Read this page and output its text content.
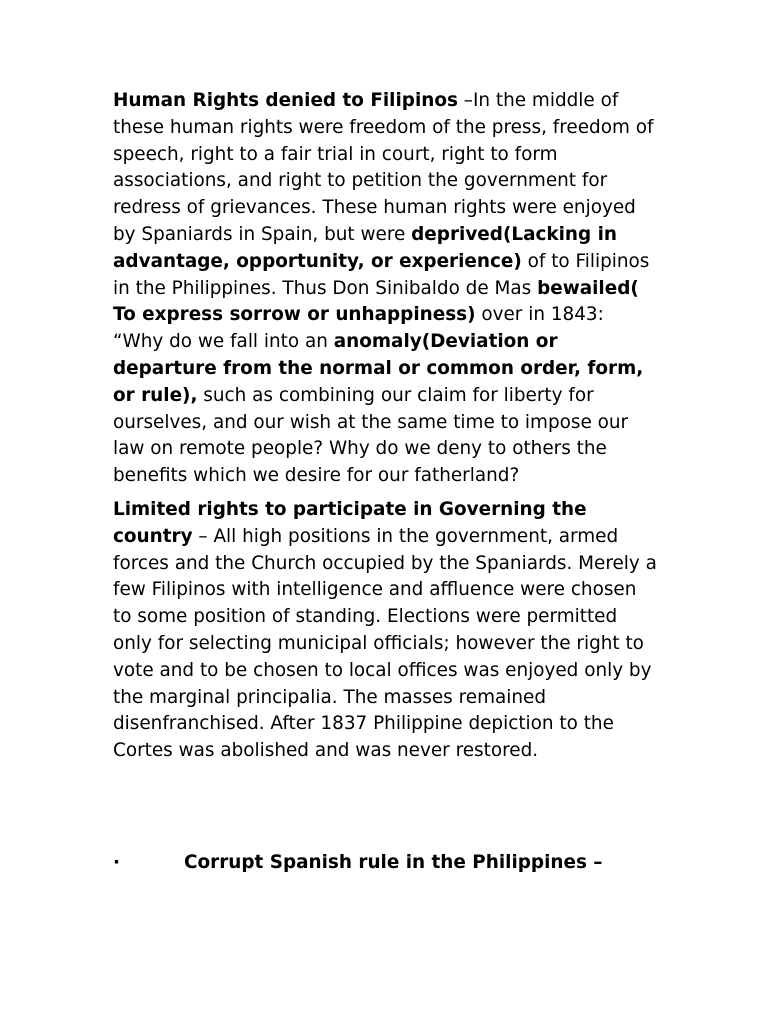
Human Rights denied to Filipinos –In the middle of these human rights were freedom of the press, freedom of speech, right to a fair trial in court, right to form associations, and right to petition the government for redress of grievances. These human rights were enjoyed by Spaniards in Spain, but were deprived(Lacking in advantage, opportunity, or experience) of to Filipinos in the Philippines. Thus Don Sinibaldo de Mas bewailed( To express sorrow or unhappiness) over in 1843: “Why do we fall into an anomaly(Deviation or departure from the normal or common order, form, or rule), such as combining our claim for liberty for ourselves, and our wish at the same time to impose our law on remote people? Why do we deny to others the benefits which we desire for our fatherland?

Limited rights to participate in Governing the country – All high positions in the government, armed forces and the Church occupied by the Spaniards. Merely a few Filipinos with intelligence and affluence were chosen to some position of standing. Elections were permitted only for selecting municipal officials; however the right to vote and to be chosen to local offices was enjoyed only by the marginal principalia. The masses remained disenfranchised. After 1837 Philippine depiction to the Cortes was abolished and was never restored.

·	Corrupt Spanish rule in the Philippines –
